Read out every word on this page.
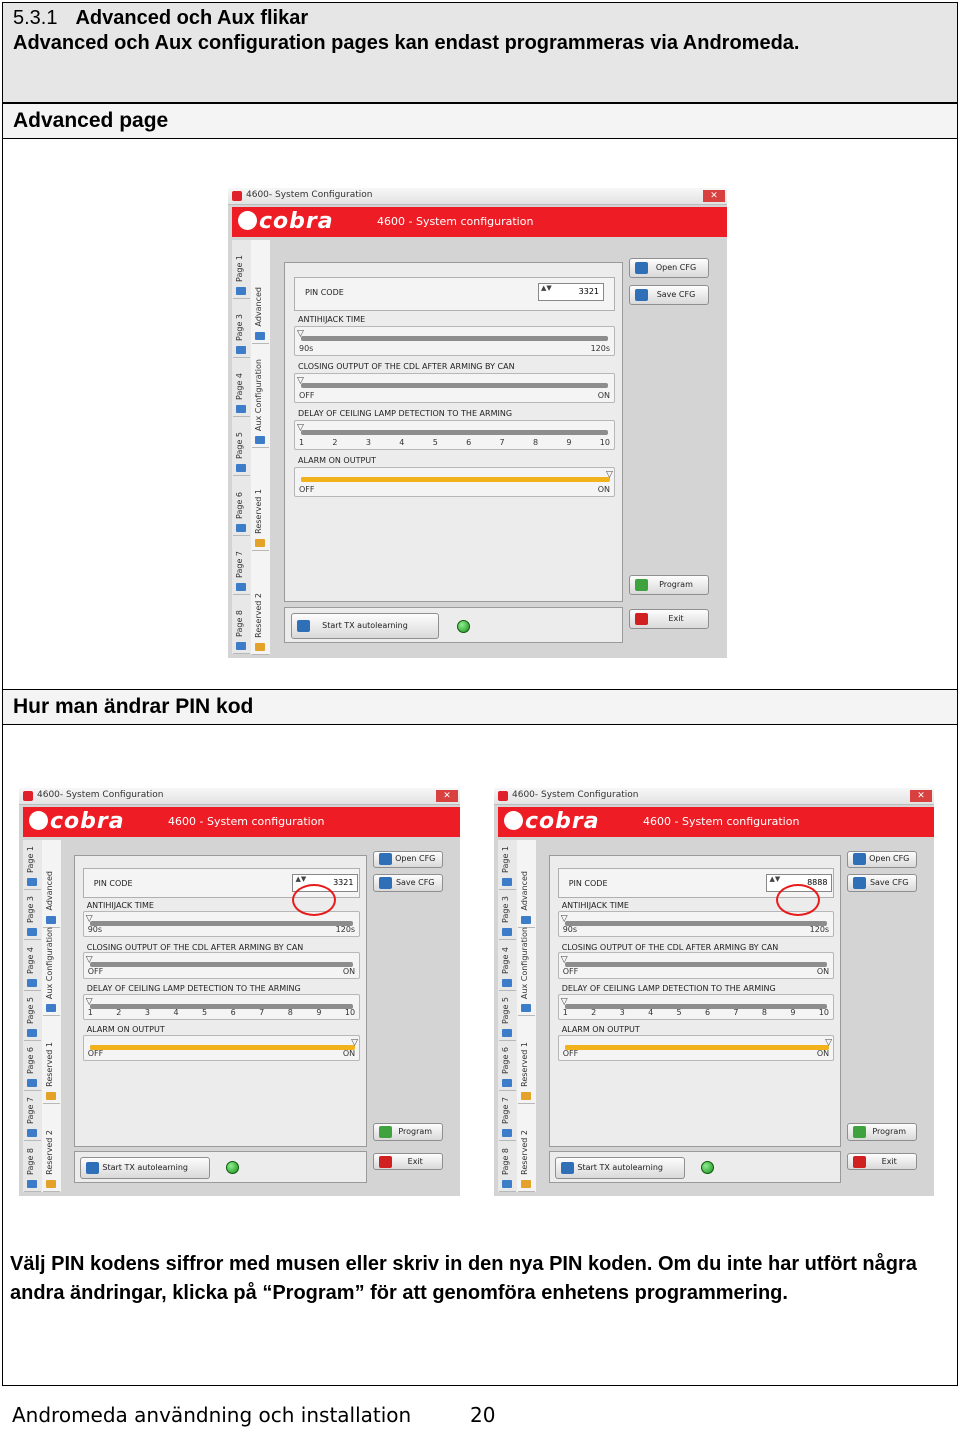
5.3.1 Advanced och Aux flikar
Advanced och Aux configuration pages kan endast programmeras via Andromeda.
Advanced page
Hur man ändrar PIN kod
4600- System Configuration	✕
cobra	4600 - System configuration
Page 1
Page 3
Page 4
Page 5
Page 6
Page 7
Page 8
Advanced
Aux Configuration
Reserved 1
Reserved 2
PIN CODE	▲▼	3321
ANTIHIJACK TIME
▽
90s	120s
CLOSING OUTPUT OF THE CDL AFTER ARMING BY CAN
▽
OFF	ON
DELAY OF CEILING LAMP DETECTION TO THE ARMING
▽
1	2	3	4	5	6	7	8	9	10
ALARM ON OUTPUT
▽
OFF	ON
Start TX autolearning
Open CFG
Save CFG
Program
Exit
4600- System Configuration	✕
cobra	4600 - System configuration
Page 1
Page 3
Page 4
Page 5
Page 6
Page 7
Page 8
Advanced
Aux Configuration
Reserved 1
Reserved 2
PIN CODE	▲▼	3321
ANTIHIJACK TIME
▽
90s	120s
CLOSING OUTPUT OF THE CDL AFTER ARMING BY CAN
▽
OFF	ON
DELAY OF CEILING LAMP DETECTION TO THE ARMING
▽
1	2	3	4	5	6	7	8	9	10
ALARM ON OUTPUT
▽
OFF	ON
Start TX autolearning
Open CFG
Save CFG
Program
Exit
4600- System Configuration	✕
cobra	4600 - System configuration
Page 1
Page 3
Page 4
Page 5
Page 6
Page 7
Page 8
Advanced
Aux Configuration
Reserved 1
Reserved 2
PIN CODE	▲▼	8888
ANTIHIJACK TIME
▽
90s	120s
CLOSING OUTPUT OF THE CDL AFTER ARMING BY CAN
▽
OFF	ON
DELAY OF CEILING LAMP DETECTION TO THE ARMING
▽
1	2	3	4	5	6	7	8	9	10
ALARM ON OUTPUT
▽
OFF	ON
Start TX autolearning
Open CFG
Save CFG
Program
Exit
Välj PIN kodens siffror med musen eller skriv in den nya PIN koden. Om du inte har utfört några andra ändringar, klicka på “Program” för att genomföra enhetens programmering.
Andromeda användning och installation	20
